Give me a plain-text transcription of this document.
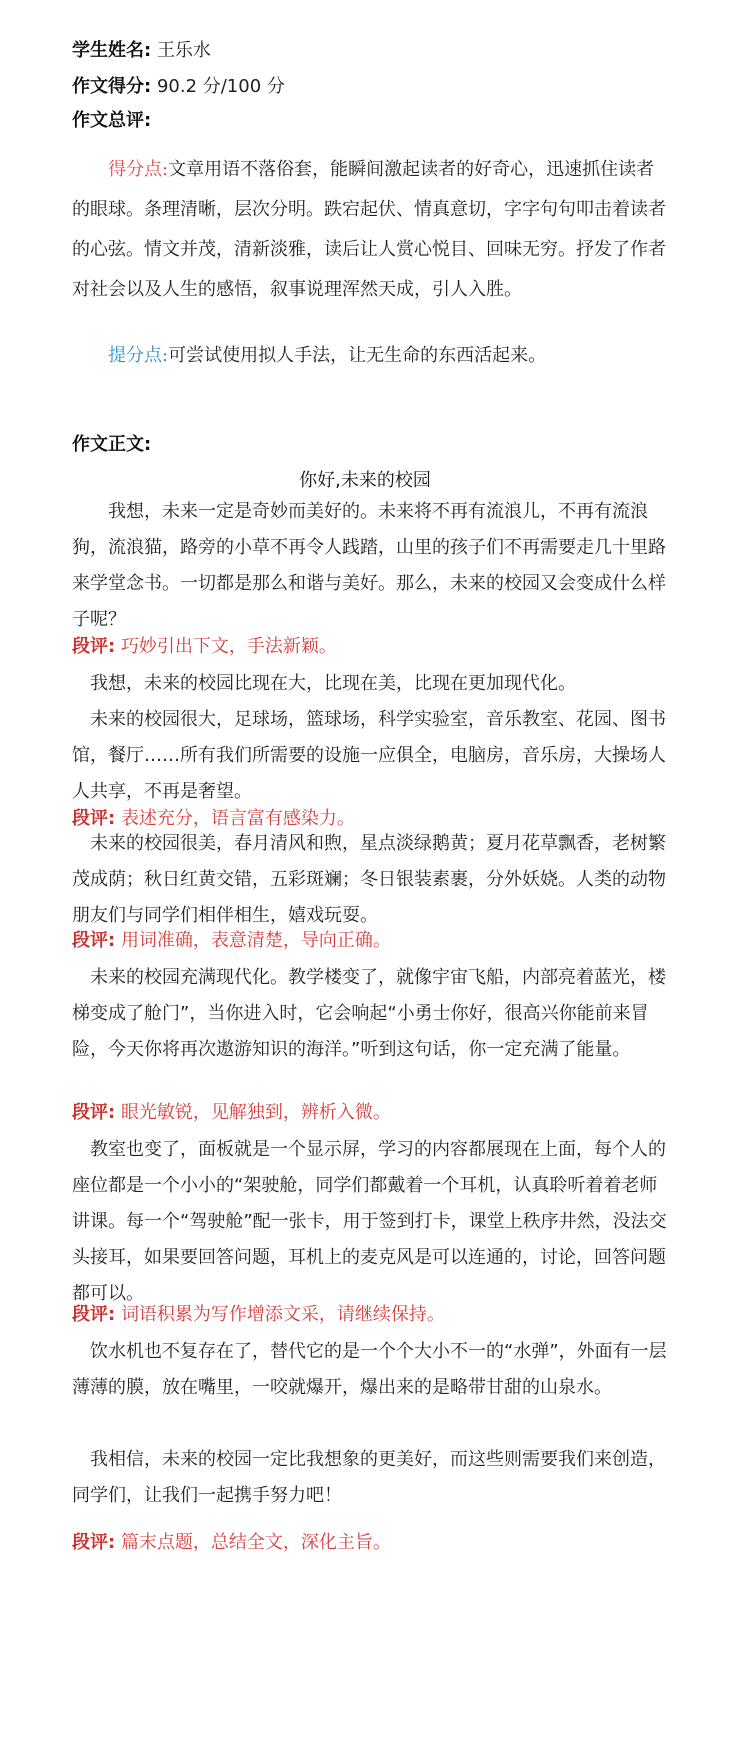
学生姓名: 王乐水
作文得分: 90.2 分/100 分
作文总评:
得分点:文章用语不落俗套，能瞬间激起读者的好奇心，迅速抓住读者的眼球。条理清晰，层次分明。跌宕起伏、情真意切，字字句句叩击着读者的心弦。情文并茂，清新淡雅，读后让人赏心悦目、回味无穷。抒发了作者对社会以及人生的感悟，叙事说理浑然天成，引人入胜。
提分点:可尝试使用拟人手法，让无生命的东西活起来。
作文正文:
你好,未来的校园
我想，未来一定是奇妙而美好的。未来将不再有流浪儿，不再有流浪狗，流浪猫，路旁的小草不再令人践踏，山里的孩子们不再需要走几十里路来学堂念书。一切都是那么和谐与美好。那么，未来的校园又会变成什么样子呢？
段评: 巧妙引出下文，手法新颖。
我想，未来的校园比现在大，比现在美，比现在更加现代化。
未来的校园很大，足球场，篮球场，科学实验室，音乐教室、花园、图书馆，餐厅……所有我们所需要的设施一应俱全，电脑房，音乐房，大操场人人共享，不再是奢望。
段评: 表述充分，语言富有感染力。
未来的校园很美，春月清风和煦，星点淡绿鹅黄；夏月花草飘香，老树繁茂成荫；秋日红黄交错，五彩斑斓；冬日银装素裹，分外妖娆。人类的动物朋友们与同学们相伴相生，嬉戏玩耍。
段评: 用词准确，表意清楚，导向正确。
未来的校园充满现代化。教学楼变了，就像宇宙飞船，内部亮着蓝光，楼梯变成了舱门”，当你进入时，它会响起“小勇士你好，很高兴你能前来冒险，今天你将再次遨游知识的海洋。”听到这句话，你一定充满了能量。
段评: 眼光敏锐，见解独到，辨析入微。
教室也变了，面板就是一个显示屏，学习的内容都展现在上面，每个人的座位都是一个小小的“架驶舱，同学们都戴着一个耳机，认真聆听着着老师讲课。每一个“驾驶舱”配一张卡，用于签到打卡，课堂上秩序井然，没法交头接耳，如果要回答问题，耳机上的麦克风是可以连通的，讨论，回答问题都可以。
段评: 词语积累为写作增添文采，请继续保持。
饮水机也不复存在了，替代它的是一个个大小不一的“水弹”，外面有一层薄薄的膜，放在嘴里，一咬就爆开，爆出来的是略带甘甜的山泉水。
我相信，未来的校园一定比我想象的更美好，而这些则需要我们来创造，同学们，让我们一起携手努力吧！
段评: 篇末点题，总结全文，深化主旨。
